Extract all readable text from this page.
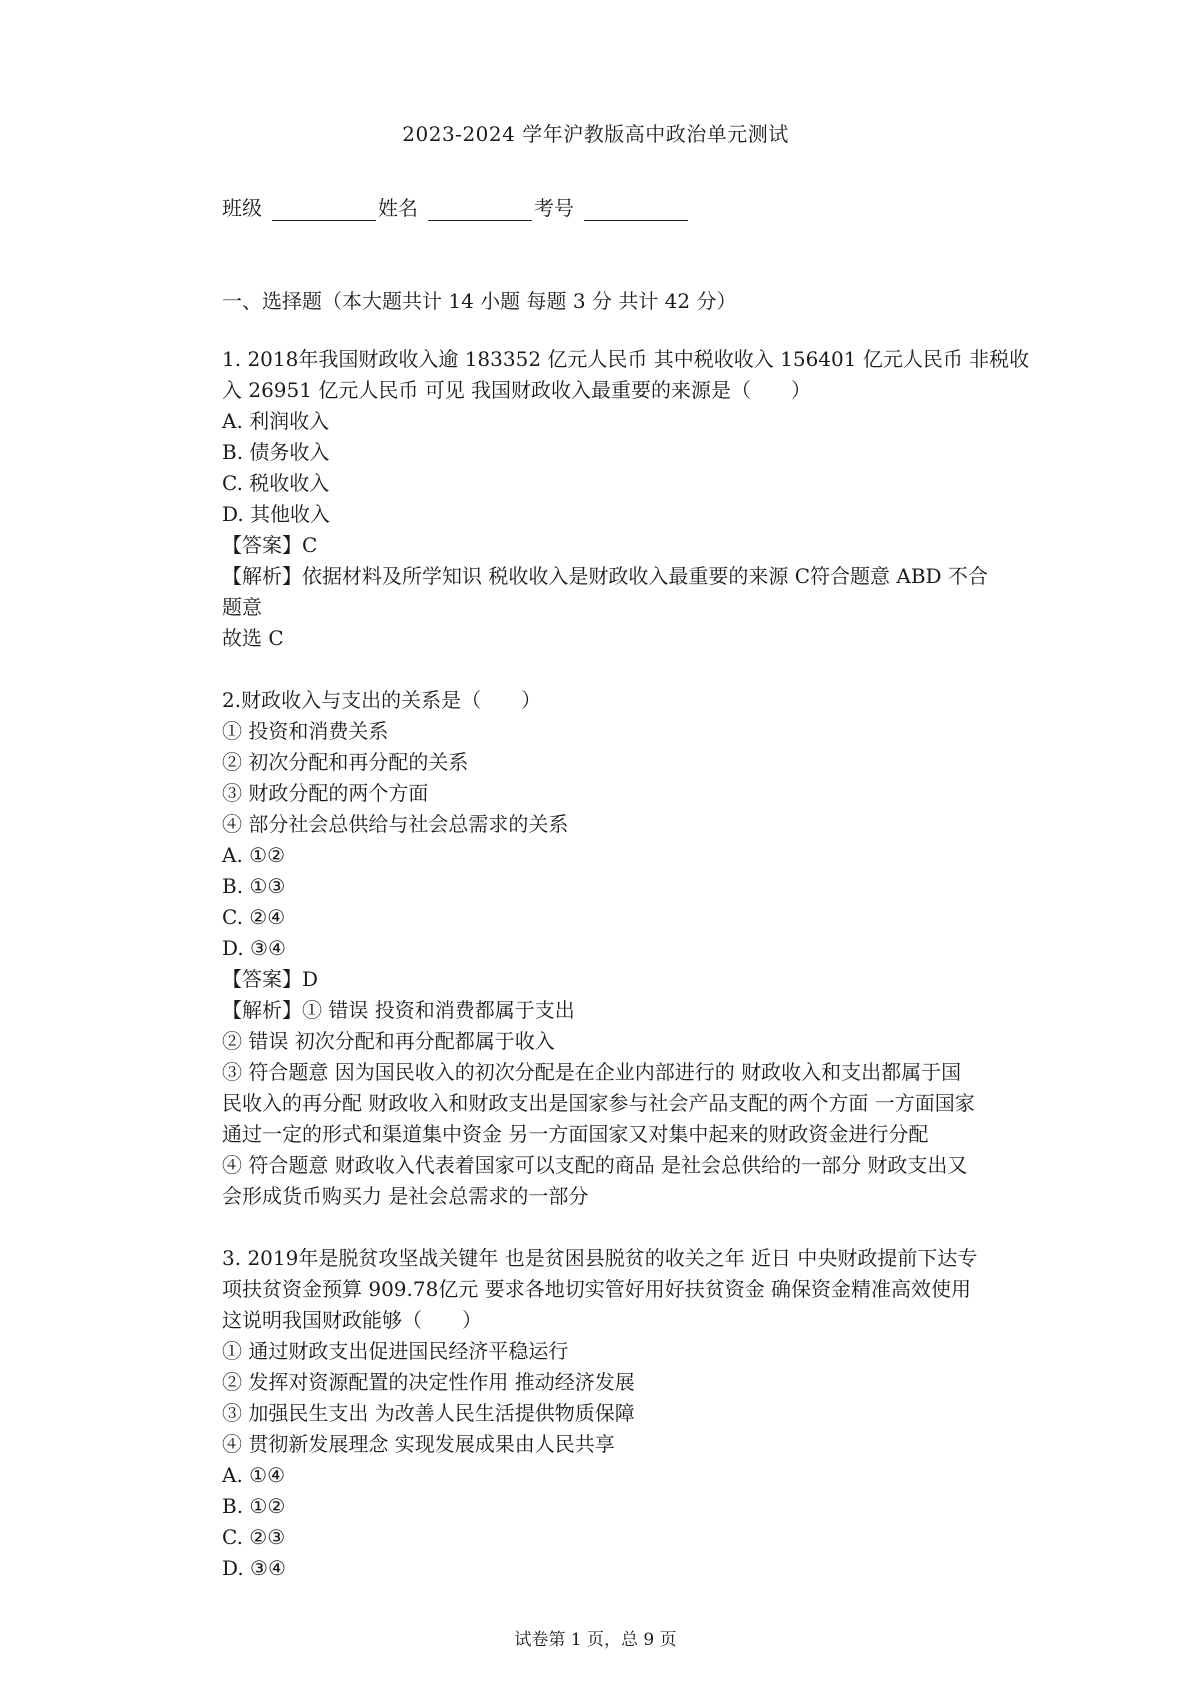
2023-2024 学年沪教版高中政治单元测试
班级	姓名	考号
一、选择题（本大题共计 14 小题 每题 3 分 共计 42 分）
1. 2018年我国财政收入逾 183352 亿元人民币 其中税收收入 156401 亿元人民币 非税收
入 26951 亿元人民币 可见 我国财政收入最重要的来源是（　　）
A. 利润收入
B. 债务收入
C. 税收收入
D. 其他收入
【答案】C
【解析】依据材料及所学知识 税收收入是财政收入最重要的来源 C符合题意 ABD 不合
题意
故选 C
2.财政收入与支出的关系是（　　）
① 投资和消费关系
② 初次分配和再分配的关系
③ 财政分配的两个方面
④ 部分社会总供给与社会总需求的关系
A. ①②
B. ①③
C. ②④
D. ③④
【答案】D
【解析】① 错误 投资和消费都属于支出
② 错误 初次分配和再分配都属于收入
③ 符合题意 因为国民收入的初次分配是在企业内部进行的 财政收入和支出都属于国
民收入的再分配 财政收入和财政支出是国家参与社会产品支配的两个方面 一方面国家
通过一定的形式和渠道集中资金 另一方面国家又对集中起来的财政资金进行分配
④ 符合题意 财政收入代表着国家可以支配的商品 是社会总供给的一部分 财政支出又
会形成货币购买力 是社会总需求的一部分
3. 2019年是脱贫攻坚战关键年 也是贫困县脱贫的收关之年 近日 中央财政提前下达专
项扶贫资金预算 909.78亿元 要求各地切实管好用好扶贫资金 确保资金精准高效使用
这说明我国财政能够（　　）
① 通过财政支出促进国民经济平稳运行
② 发挥对资源配置的决定性作用 推动经济发展
③ 加强民生支出 为改善人民生活提供物质保障
④ 贯彻新发展理念 实现发展成果由人民共享
A. ①④
B. ①②
C. ②③
D. ③④
试卷第 1 页，总 9 页
